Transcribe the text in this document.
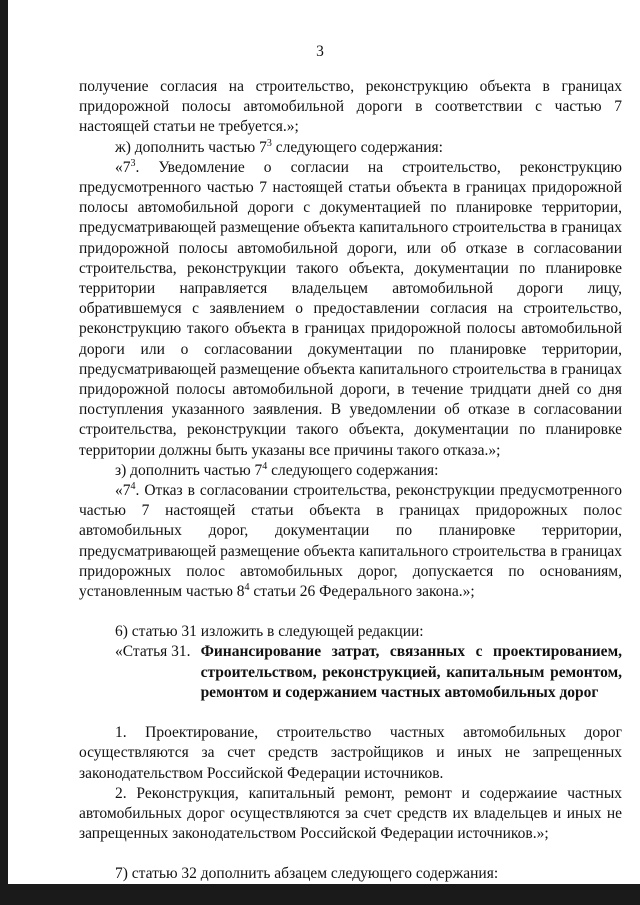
3

получение согласия на строительство, реконструкцию объекта в границах придорожной полосы автомобильной дороги в соответствии с частью 7 настоящей статьи не требуется.»;

ж) дополнить частью $7^3$ следующего содержания:

«$7^3$. Уведомление о согласии на строительство, реконструкцию предусмотренного частью 7 настоящей статьи объекта в границах придорожной полосы автомобильной дороги с документацией по планировке территории, предусматривающей размещение объекта капитального строительства в границах придорожной полосы автомобильной дороги, или об отказе в согласовании строительства, реконструкции такого объекта, документации по планировке территории направляется владельцем автомобильной дороги лицу, обратившемуся с заявлением о предоставлении согласия на строительство, реконструкцию такого объекта в границах придорожной полосы автомобильной дороги или о согласовании документации по планировке территории, предусматривающей размещение объекта капитального строительства в границах придорожной полосы автомобильной дороги, в течение тридцати дней со дня поступления указанного заявления. В уведомлении об отказе в согласовании строительства, реконструкции такого объекта, документации по планировке территории должны быть указаны все причины такого отказа.»;

з) дополнить частью $7^4$ следующего содержания:

«$7^4$. Отказ в согласовании строительства, реконструкции предусмотренного частью 7 настоящей статьи объекта в границах придорожных полос автомобильных дорог, документации по планировке территории, предусматривающей размещение объекта капитального строительства в границах придорожных полос автомобильных дорог, допускается по основаниям, установленным частью $8^4$ статьи 26 Федерального закона.»;

6) статью 31 изложить в следующей редакции:

«Статья 31. Финансирование затрат, связанных с проектированием, строительством, реконструкцией, капитальным ремонтом, ремонтом и содержанием частных автомобильных дорог

1. Проектирование, строительство частных автомобильных дорог осуществляются за счет средств застройщиков и иных не запрещенных законодательством Российской Федерации источников.

2. Реконструкция, капитальный ремонт, ремонт и содержаиие частных автомобильных дорог осуществляются за счет средств их владельцев и иных не запрещенных законодательством Российской Федерации источников.»;

7) статью 32 дополнить абзацем следующего содержания:
